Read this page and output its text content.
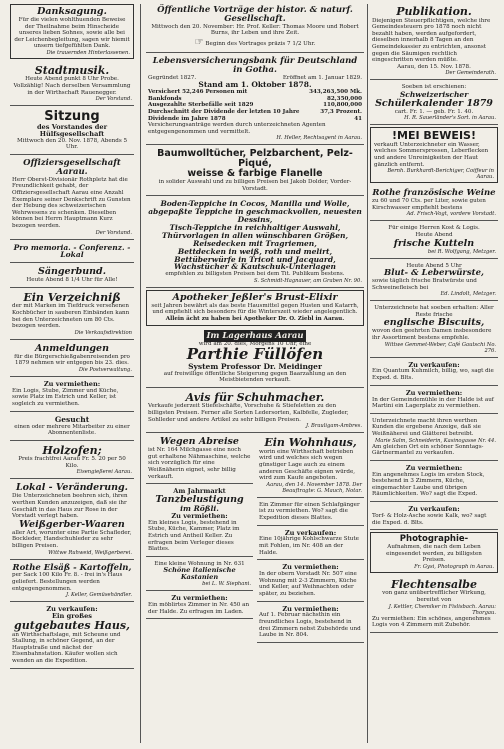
Danksagung.
Für die vielen wohlthuenden Beweise der Theilnahme beim Hinscheide unseres lieben Sohnes, sowie alle bei der Leichenbegleitung, sagen wir hiemit unsern tiefgefühlten Dank.
Die trauernden Hinterlassenen.
Stadtmusik.
Heute Abend punkt 8 Uhr Probe. Vollzählig! Nach derselben Versammlung in der Wirthschaft Rauenegger.
Der Vorstand.
Sitzung
des Vorstandes der Hülfsgesellschaft
Mittwoch den 20. Nov. 1878, Abends 5 Uhr.
Offiziersgesellschaft Aarau.
Herr Oberst-Divisionär Rothpletz hat die Freundlichkeit gehabt, der Offiziersgesellschaft Aarau eine Anzahl Exemplare seiner Denkschrift zu Gunsten der Hebung des schweizerischen Wehrwesens zu schenken. Dieselben können bei Herrn Hauptmann Kurz bezogen werden.
Der Vorstand.
Pro memoria. - Conferenz. - Lokal
Sängerbund.
Heute Abend 8 1/4 Uhr für Alle!
Ein Verzeichniß
der mit Marken im Tiefdruck versehenen Kochbücher in sauberen Einbänden kann bei den Unterzeichneten um 80 Cts. bezogen werden.
Die Verkaufsdirektion
Anmeldungen
für die Bürgerschießgabenreisenden pro 1879 nehmen wir entgegen bis 23. dies.
Die Postverwaltung.
Zu vermiethen:
Ein Logis, Stube, Zimmer und Küche, sowie Platz im Estrich und Keller, ist sogleich zu vermiethen.
Gesucht
einen oder mehrere Mitarbeiter zu einer Abonnentenliste.
Holzofen;
Preis frachtfrei Aarau Fr. 5. 20 per 50 Kilo.
Eisengießerei Aarau.
Lokal - Veränderung.
Die Unterzeichneten beehren sich, ihren werthen Kunden anzuzeigen, daß sie ihr Geschäft in das Haus zur Rose in der Vorstadt verlegt haben.
Weißgerber-Waaren
aller Art, worunter eine Partie Schafleder, Bockleder, Handschuhleder zu sehr billigen Preisen.
Wittwe Ruhweid, Weißgerberei.
Rothe Elsäß - Kartoffeln,
per Sack 100 Kilo Fr. 8. - frei in's Haus geliefert. Bestellungen werden entgegengenommen.
J. Keller, Gemüsehändler.
Zu verkaufen:
Ein großes
gutgebautes Haus,
an Wirthschaftslage, mit Scheune und Stallung, in schöner Gegend, an der Hauptstraße und nächst der Eisenbahnstation. Käufer wollen sich wenden an die Expedition.
Öffentliche Vorträge der histor. & naturf. Gesellschaft.
Mittwoch den 20. November: Hr. Prof. Keller: Thomas Moore und Robert Burns, ihr Leben und ihre Zeit.
☞ Beginn des Vortrages präzis 7 1/2 Uhr.
Lebensversicherungsbank für Deutschland in Gotha.
Gegründet 1827.	Eröffnet am 1. Januar 1829.
Stand am 1. Oktober 1878.
Versichert 52,246 Personen mit	343,263,500 Mk.
Bankfonds	82,350,000
Ausgezahlte Sterbefälle seit 1829	110,800,000
Durchschnitt der Dividende der letzten 10 Jahre	37,3 Prozent.
Dividende im Jahre 1878	41
Versicherungsanträge werden durch unterzeichneten Agenten entgegengenommen und vermittelt.
H. Heller, Rechtsagent in Aarau.
Baumwolltücher, Pelzbarchent, Pelz-Piqué,
weisse & farbige Flanelle
in solider Auswahl und zu billigen Preisen bei Jakob Dolder, Vorder-Vorstadt.
Boden-Teppiche in Cocos, Manilla und Wolle,
abgepaßte Teppiche in geschmackvollen, neuesten Dessins,
Tisch-Teppiche in reichhaltiger Auswahl,
Thürvorlagen in allen wünschbaren Größen,
Reisedecken mit Tragriemen,
Bettdecken in weiß, roth und melirt,
Bettüberwürfe in Tricot und Jacquard,
Wachstücher & Kautschuk-Unterlagen
empfehlen zu billigsten Preisen bei dem Tit. Publikum bestens.
S. Schmidt-Hagnauer, am Graben Nr. 90.
Apotheker Jeßler's Brust-Elixir
seit Jahren bewährt als das beste Hausmittel gegen Husten und Katarrh, und empfiehlt sich besonders für die Winterszeit wieder angelegentlich.
Allein ächt zu haben bei Apotheker Dr. O. Ziebl in Aarau.
Im Lagerhaus Aarau
wird am 20. dies, Morgens 10 Uhr, eine
Parthie Füllöfen
System Professor Dr. Meidinger
auf freiwillige öffentliche Steigerung gegen Baarzahlung an den Meistbietenden verkauft.
Avis für Schuhmacher.
Verkaufe jederzeit Stiefelschäfte, Vorschuhe & Stiefeletten zu den billigsten Preisen. Ferner alle Sorten Ledersorten, Kalbfelle, Zugleder, Sohlleder und andere Artikel zu sehr billigen Preisen.
J. Brauligam-Ambres.
Wegen Abreise
ist Nr. 164 Milchgasse eine noch gut erhaltene Nähmaschine, welche sich vorzüglich für eine Weißnäherin eignet, sehr billig verkauft.
Am Jahrmarkt
Tanzbelustigung
im Rößli.
Zu vermiethen:
Ein kleines Logis, bestehend in Stube, Küche, Kammer, Platz im Estrich und Antheil Keller. Zu erfragen beim Verleger dieses Blattes.
Eine kleine Wohnung in Nr. 631
Schöne italienische Kastanien
bei L. W. Siephani.
Zu vermiethen:
Ein möblirtes Zimmer in Nr. 450 an der Halde. Zu erfragen im Laden.
Ein Wohnhaus,
worin eine Wirthschaft betrieben wird und welches sich wegen günstiger Lage auch zu einem anderen Geschäfte eignen würde, wird zum Kaufe angeboten.
Aarau, den 14. November 1878. Der Beauftragte: G. Mauch, Notar.
Ein Zimmer für einen Schlafgänger ist zu vermiethen. Wo? sagt die Expedition dieses Blattes.
Zu verkaufen:
Eine 10jährige Kohlschwarze Stute mit Fohlen, im Nr. 408 an der Halde.
Zu vermiethen:
In der obern Vorstadt Nr. 507 eine Wohnung mit 2-3 Zimmern, Küche und Keller, auf Weihnachten oder später, zu beziehen.
Zu vermiethen:
Auf 1. Februar nächsthin ein freundliches Logis, bestehend in drei Zimmern nebst Zubehörde und Laube in Nr. 804.
Publikation.
Diejenigen Steuerpflichtigen, welche ihre Gemeindesteuern pro 1878 noch nicht bezahlt haben, werden aufgefordert, dieselben innerhalb 8 Tagen an den Gemeindekassier zu entrichten, ansonst gegen die Säumigen rechtlich eingeschritten werden müßte.
Aarau, den 15. Nov. 1878.
Der Gemeinderath.
Soeben ist erschienen:
Schweizerischer
Schülerkalender 1879
cart. Fr. 1. — geb. Fr. 1. 40.
H. R. Sauerländer's Sort. in Aarau.
!MEI BEWEIS!
verkauft Unterzeichneter ein Wasser, welches Sommersprossen, Leberflecken und andere Unreinigkeiten der Haut gänzlich entfernt.
Bernh. Burkhardt-Berichiger, Coiffeur in Aarau.
Rothe französische Weine
zu 60 und 70 Cts. per Liter, sowie guten Kirschwasser empfiehlt bestens
Ad. Frisch-Vogt, vordere Vorstadt.
Für einige Herren Kost & Logis.
Heute Abend
frische Kutteln
bei R. Wolfgang, Metzger.
Heute Abend 5 Uhr
Blut- & Leberwürste,
sowie täglich frische Bratwürste und Schweinefleisch bei
Ed. Lindolt, Metzger.
Unterzeichnete hat soeben erhalten: Aller Reste frische
englische Biscuits,
wovon den geehrten Damen insbesondere ihr Assortiment bestens empfehle.
Wittwe Gemmet-Weber, Café Gautschi No. 276.
Zu verkaufen:
Ein Quantum Kuhmilch, billig, wo, sagt die Exped. d. Blts.
Zu vermiethen:
In der Gemeindemühle in der Halde ist auf Martini ein Lagerplatz zu vermiethen.
Unterzeichnete macht ihren werthen Kunden die ergebene Anzeige, daß sie Weißnäherei und Glätterei betreibt.
Marie Salm, Schneiderin, Kasinogasse Nr. 44.
Am gleichen Ort ein schöner Sonntags-Gärtnermantel zu verkaufen.
Zu vermiethen:
Ein angenehmes Logis im ersten Stock, bestehend in 3 Zimmern, Küche, eingemachter Laube und übrigen Räumlichkeiten. Wo? sagt die Exped.
Zu verkaufen:
Torf- & Holz-Asche sowie Kalk, wo? sagt die Exped. d. Blts.
Photographie-
Aufnahmen, die nach dem Leben eingesendet werden, zu billigsten Preisen.
Fr. Gysi, Photograph in Aarau.
Flechtensalbe
von ganz unübertrefflicher Wirkung,
bereitet von
J. Kettler, Chemiker in Fislisbach. Aarau: Thorgau.
Zu vermiethen: Ein schönes, angenehmes Logis von 4 Zimmern mit Zubehör.
